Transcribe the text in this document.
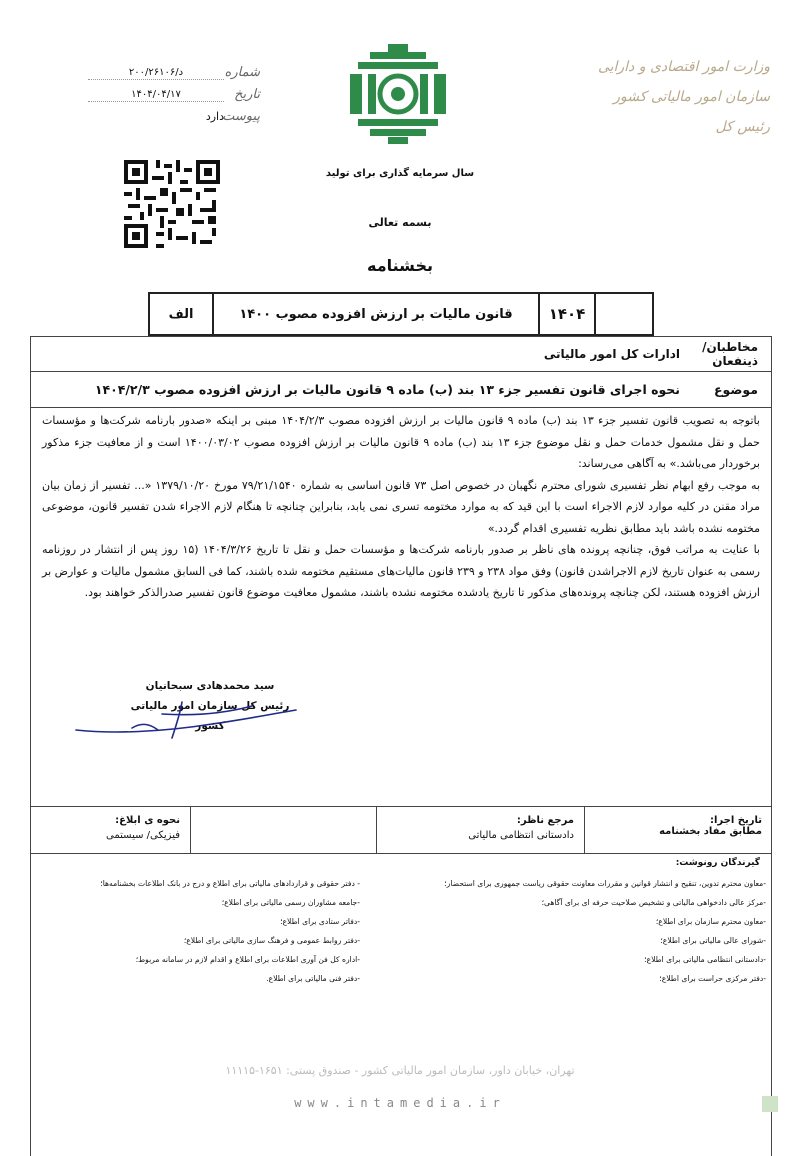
وزارت امور اقتصادی و دارایی
سازمان امور مالیاتی کشور
رئیس کل
شماره
د/۲۰۰/۲۶۱۰۶
تاریخ
۱۴۰۴/۰۴/۱۷
پیوست
دارد
سال سرمایه گذاری برای تولید
بسمه تعالی
بخشنامه
۱۴۰۴
قانون مالیات بر ارزش افزوده مصوب ۱۴۰۰
الف
مخاطبان/ ذینفعان
ادارات کل امور مالیاتی
موضوع
نحوه اجرای قانون تفسیر جزء ۱۳ بند (ب) ماده ۹ قانون مالیات بر ارزش افزوده مصوب ۱۴۰۴/۲/۳

باتوجه به تصویب قانون تفسیر جزء ۱۳ بند (ب) ماده ۹ قانون مالیات بر ارزش افزوده مصوب ۱۴۰۴/۲/۳ مبنی بر اینکه «صدور بارنامه شرکت‌ها و مؤسسات حمل و نقل مشمول خدمات حمل و نقل موضوع جزء ۱۳ بند (ب) ماده ۹ قانون مالیات بر ارزش افزوده مصوب ۱۴۰۰/۰۳/۰۲ است و از معافیت جزء مذکور برخوردار می‌باشد.» به آگاهی می‌رساند:

به موجب رفع ابهام نظر تفسیری شورای محترم نگهبان در خصوص اصل ۷۳ قانون اساسی به شماره ۷۹/۲۱/۱۵۴۰ مورخ ۱۳۷۹/۱۰/۲۰ «... تفسیر از زمان بیان مراد مقنن در کلیه موارد لازم الاجراء است با این قید که به موارد مختومه تسری نمی یابد، بنابراین چنانچه تا هنگام لازم الاجراء شدن تفسیر قانون، موضوعی مختومه نشده باشد باید مطابق نظریه تفسیری اقدام گردد.»

با عنایت به مراتب فوق، چنانچه پرونده های ناظر بر صدور بارنامه شرکت‌ها و مؤسسات حمل و نقل تا تاریخ ۱۴۰۴/۳/۲۶ (۱۵ روز پس از انتشار در روزنامه رسمی به عنوان تاریخ لازم الاجراشدن قانون) وفق مواد ۲۳۸ و ۲۳۹ قانون مالیات‌های مستقیم مختومه شده باشند، کما فی السابق مشمول مالیات و عوارض بر ارزش افزوده هستند، لکن چنانچه پرونده‌های مذکور تا تاریخ یادشده مختومه نشده باشند، مشمول معافیت موضوع قانون تفسیر صدرالذکر خواهند بود.

سید محمدهادی سبحانیان
رئیس کل سازمان امور مالیاتی کشور
تاریخ اجرا:
مطابق مفاد بخشنامه
مرجع ناظر:
دادستانی انتظامی مالیاتی
نحوه ی ابلاغ:
فیزیکی/ سیستمی
گیرندگان رونوشت:
-معاون محترم تدوین، تنقیح و انتشار قوانین و مقررات معاونت حقوقی ریاست جمهوری برای استحضار؛
-مرکز عالی دادخواهی مالیاتی و تشخیص صلاحیت حرفه ای برای آگاهی؛
-معاون محترم سازمان برای اطلاع؛
-شورای عالی مالیاتی برای اطلاع؛
-دادستانی انتظامی مالیاتی برای اطلاع؛
-دفتر مرکزی حراست برای اطلاع؛
- دفتر حقوقی و قراردادهای مالیاتی برای اطلاع و درج در بانک اطلاعات بخشنامه‌ها؛
-جامعه مشاوران رسمی مالیاتی برای اطلاع؛
-دفاتر ستادی برای اطلاع؛
-دفتر روابط عمومی و فرهنگ سازی مالیاتی برای اطلاع؛
-اداره کل فن آوری اطلاعات برای اطلاع و اقدام لازم در سامانه مربوط؛
-دفتر فنی مالیاتی برای اطلاع.
تهران، خیابان داور، سازمان امور مالیاتی کشور - صندوق پستی: ۱۶۵۱-۱۱۱۱۵
www.intamedia.ir
